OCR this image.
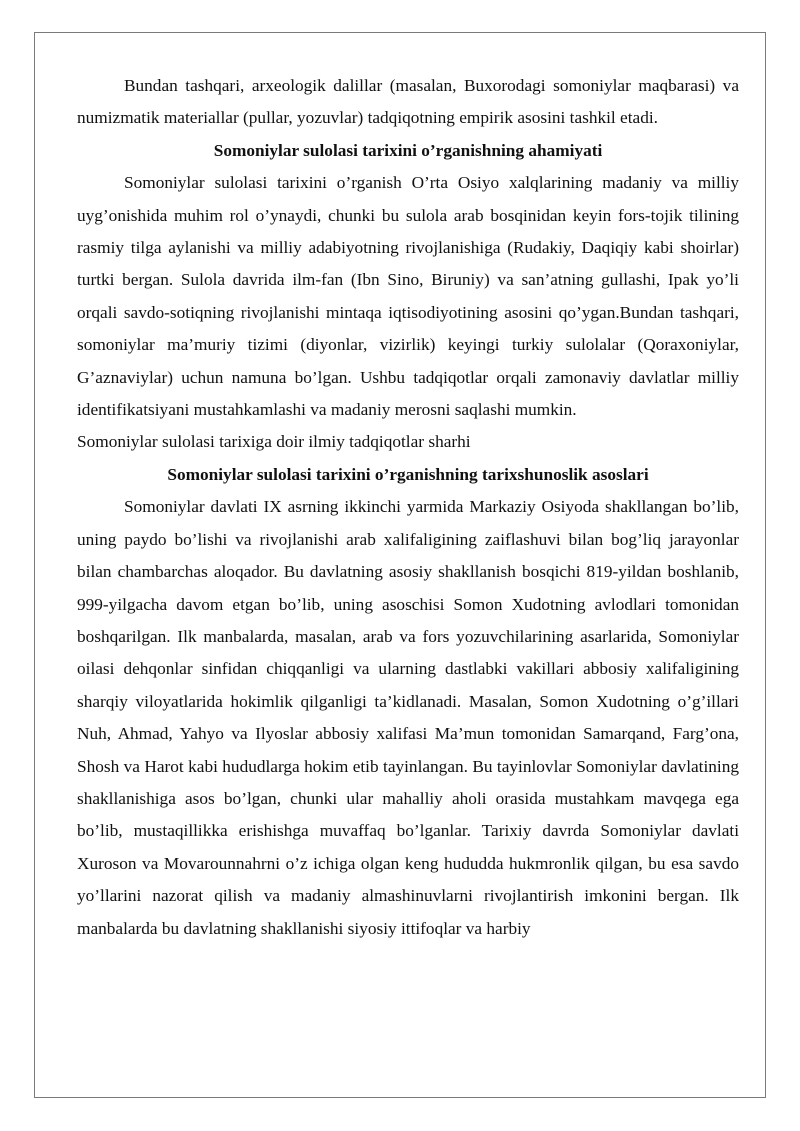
Bundan tashqari, arxeologik dalillar (masalan, Buxorodagi somoniylar maqbarasi) va numizmatik materiallar (pullar, yozuvlar) tadqiqotning empirik asosini tashkil etadi.

Somoniylar sulolasi tarixini o’rganishning ahamiyati

Somoniylar sulolasi tarixini o’rganish O’rta Osiyo xalqlarining madaniy va milliy uyg’onishida muhim rol o’ynaydi, chunki bu sulola arab bosqinidan keyin fors-tojik tilining rasmiy tilga aylanishi va milliy adabiyotning rivojlanishiga (Rudakiy, Daqiqiy kabi shoirlar) turtki bergan. Sulola davrida ilm-fan (Ibn Sino, Biruniy) va san’atning gullashi, Ipak yo’li orqali savdo-sotiqning rivojlanishi mintaqa iqtisodiyotining asosini qo’ygan.Bundan tashqari, somoniylar ma’muriy tizimi (diyonlar, vizirlik) keyingi turkiy sulolalar (Qoraxoniylar, G’aznaviylar) uchun namuna bo’lgan. Ushbu tadqiqotlar orqali zamonaviy davlatlar milliy identifikatsiyani mustahkamlashi va madaniy merosni saqlashi mumkin.

Somoniylar sulolasi tarixiga doir ilmiy tadqiqotlar sharhi

Somoniylar sulolasi tarixini o’rganishning tarixshunoslik asoslari

Somoniylar davlati IX asrning ikkinchi yarmida Markaziy Osiyoda shakllangan bo’lib, uning paydo bo’lishi va rivojlanishi arab xalifaligining zaiflashuvi bilan bog’liq jarayonlar bilan chambarchas aloqador. Bu davlatning asosiy shakllanish bosqichi 819-yildan boshlanib, 999-yilgacha davom etgan bo’lib, uning asoschisi Somon Xudotning avlodlari tomonidan boshqarilgan. Ilk manbalarda, masalan, arab va fors yozuvchilarining asarlarida, Somoniylar oilasi dehqonlar sinfidan chiqqanligi va ularning dastlabki vakillari abbosiy xalifaligining sharqiy viloyatlarida hokimlik qilganligi ta’kidlanadi. Masalan, Somon Xudotning o’g’illari Nuh, Ahmad, Yahyo va Ilyoslar abbosiy xalifasi Ma’mun tomonidan Samarqand, Farg’ona, Shosh va Harot kabi hududlarga hokim etib tayinlangan. Bu tayinlovlar Somoniylar davlatining shakllanishiga asos bo’lgan, chunki ular mahalliy aholi orasida mustahkam mavqega ega bo’lib, mustaqillikka erishishga muvaffaq bo’lganlar. Tarixiy davrda Somoniylar davlati Xuroson va Movarounnahrni o’z ichiga olgan keng hududda hukmronlik qilgan, bu esa savdo yo’llarini nazorat qilish va madaniy almashinuvlarni rivojlantirish imkonini bergan. Ilk manbalarda bu davlatning shakllanishi siyosiy ittifoqlar va harbiy
